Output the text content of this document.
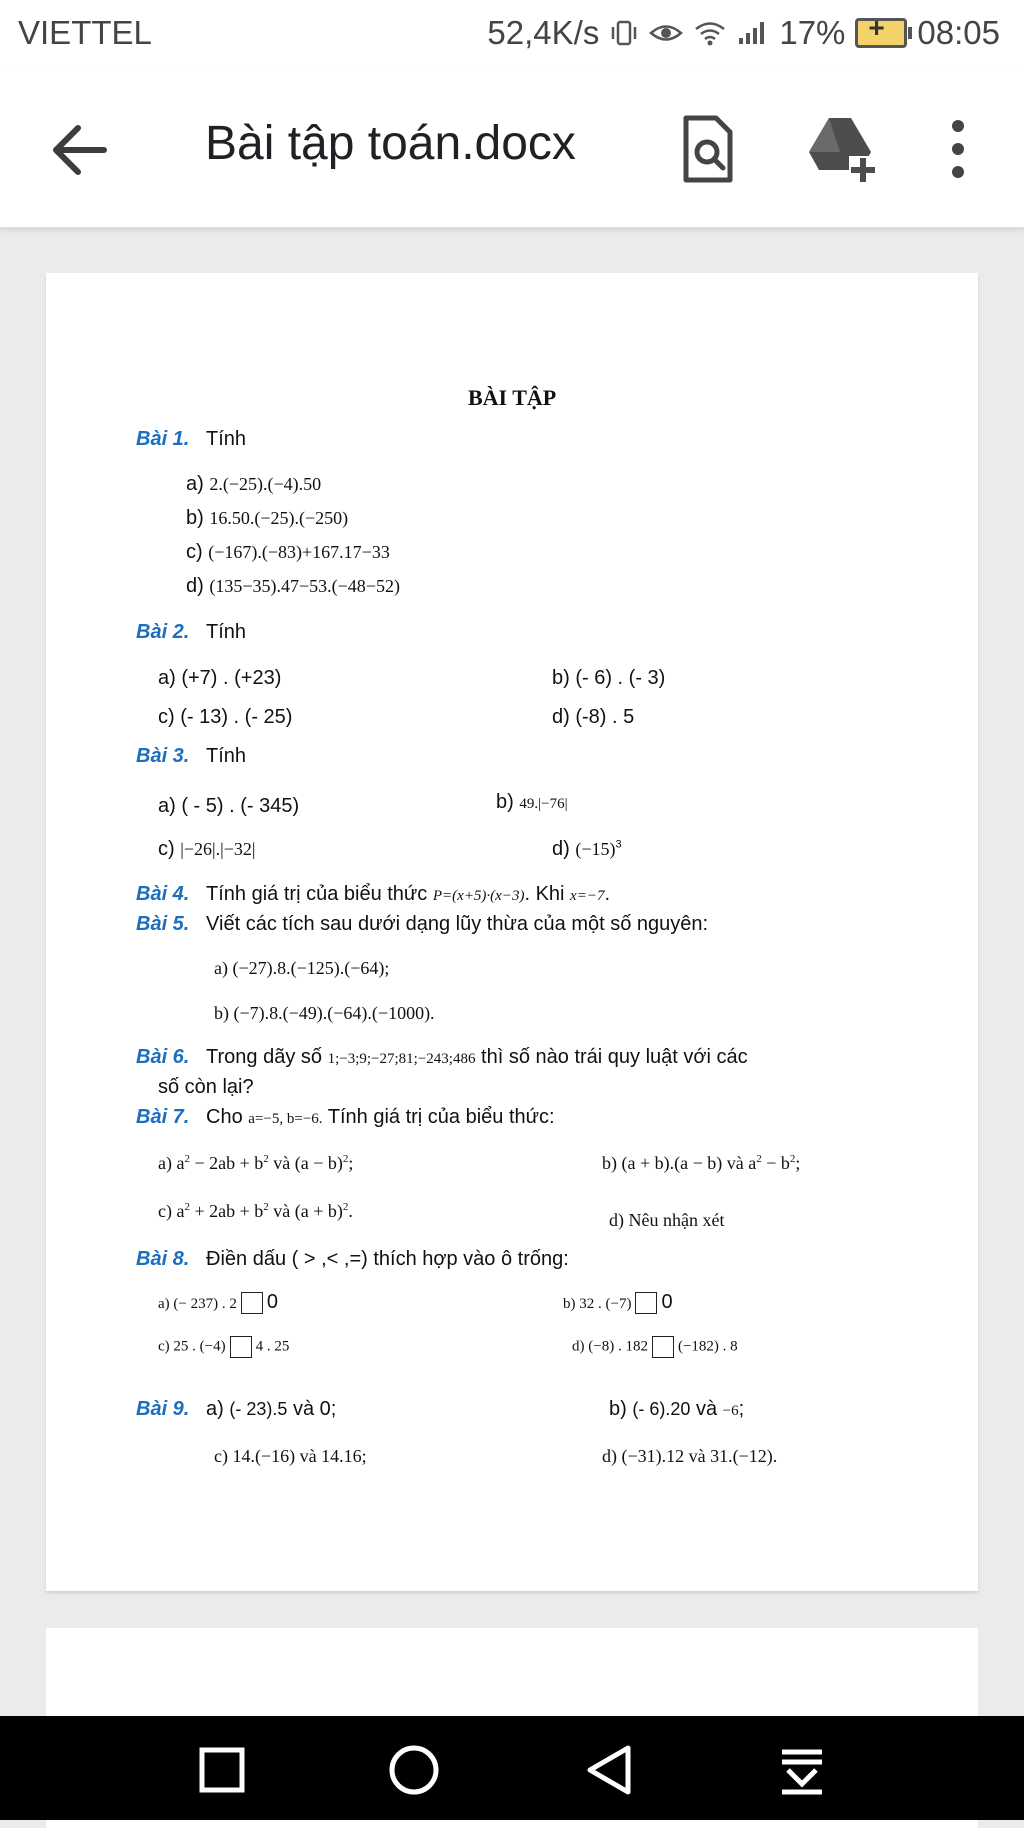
VIETTEL	52,4K/s	17% + 08:05
Bài tập toán.docx
BÀI TẬP
Bài 1. Tính
a) 2.(−25).(−4).50
b) 16.50.(−25).(−250)
c) (−167).(−83)+167.17−33
d) (135−35).47−53.(−48−52)
Bài 2. Tính
a) (+7) . (+23)	b) (- 6) . (- 3)
c) (- 13) . (- 25)	d) (-8) . 5
Bài 3. Tính
a) ( - 5) . (- 345)	b) 49.|−76|
c) |−26|.|−32|	d) $(-15)^3$
Bài 4. Tính giá trị của biểu thức P=(x+5)·(x−3). Khi x=−7.
Bài 5. Viết các tích sau dưới dạng lũy thừa của một số nguyên:
a) (−27).8.(−125).(−64);
b) (−7).8.(−49).(−64).(−1000).
Bài 6. Trong dãy số 1;−3;9;−27;81;−243;486 thì số nào trái quy luật với các
số còn lại?
Bài 7. Cho a=−5, b=−6. Tính giá trị của biểu thức:
a) $a^2 - 2ab + b^2$ và $(a - b)^2$;	b) (a + b).(a − b) và $a^2 - b^2$;
c) $a^2 + 2ab + b^2$ và $(a + b)^2$.	d) Nêu nhận xét
Bài 8. Điền dấu ( > ,< ,=) thích hợp vào ô trống:
a) (− 237) . 2 0	b) 32 . (−7) 0
c) 25 . (−4) 4 . 25	d) (−8) . 182 (−182) . 8
Bài 9. a) (- 23).5 và 0;	b) (- 6).20 và −6;
c) 14.(−16) và 14.16;	d) (−31).12 và 31.(−12).
